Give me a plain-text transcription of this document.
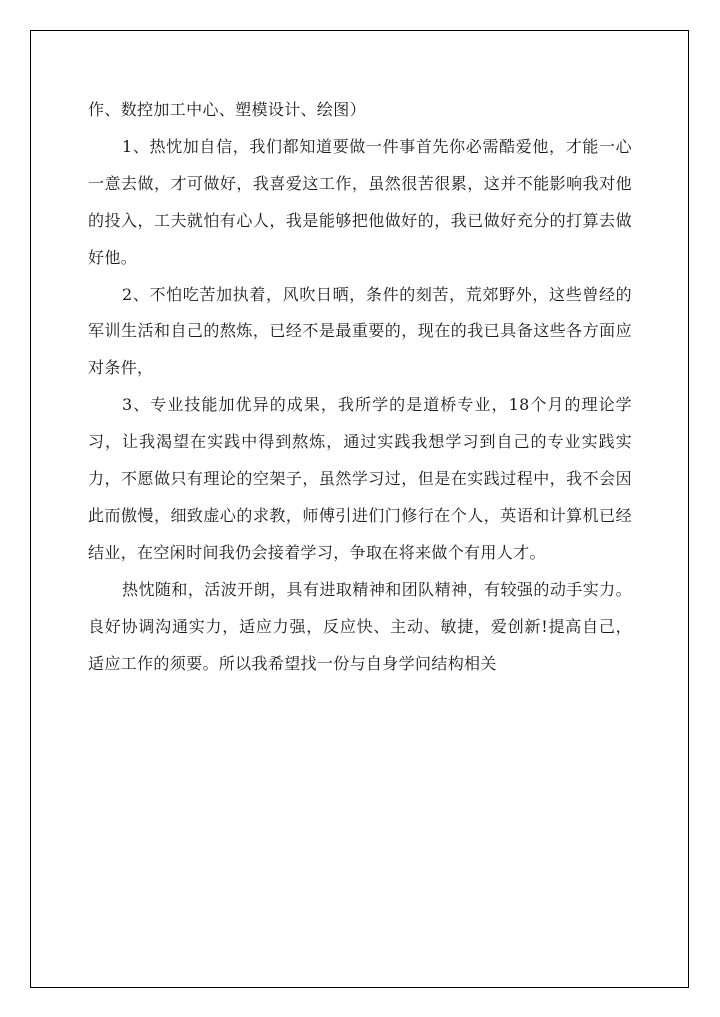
作、数控加工中心、塑模设计、绘图）

1、热忱加自信，我们都知道要做一件事首先你必需酷爱他，才能一心一意去做，才可做好，我喜爱这工作，虽然很苦很累，这并不能影响我对他的投入，工夫就怕有心人，我是能够把他做好的，我已做好充分的打算去做好他。

2、不怕吃苦加执着，风吹日晒，条件的刻苦，荒郊野外，这些曾经的军训生活和自己的熬炼，已经不是最重要的，现在的我已具备这些各方面应对条件，

3、专业技能加优异的成果，我所学的是道桥专业，18个月的理论学习，让我渴望在实践中得到熬炼，通过实践我想学习到自己的专业实践实力，不愿做只有理论的空架子，虽然学习过，但是在实践过程中，我不会因此而傲慢，细致虚心的求教，师傅引进们门修行在个人，英语和计算机已经结业，在空闲时间我仍会接着学习，争取在将来做个有用人才。

热忱随和，活波开朗，具有进取精神和团队精神，有较强的动手实力。良好协调沟通实力，适应力强，反应快、主动、敏捷，爱创新!提高自己，适应工作的须要。所以我希望找一份与自身学问结构相关
